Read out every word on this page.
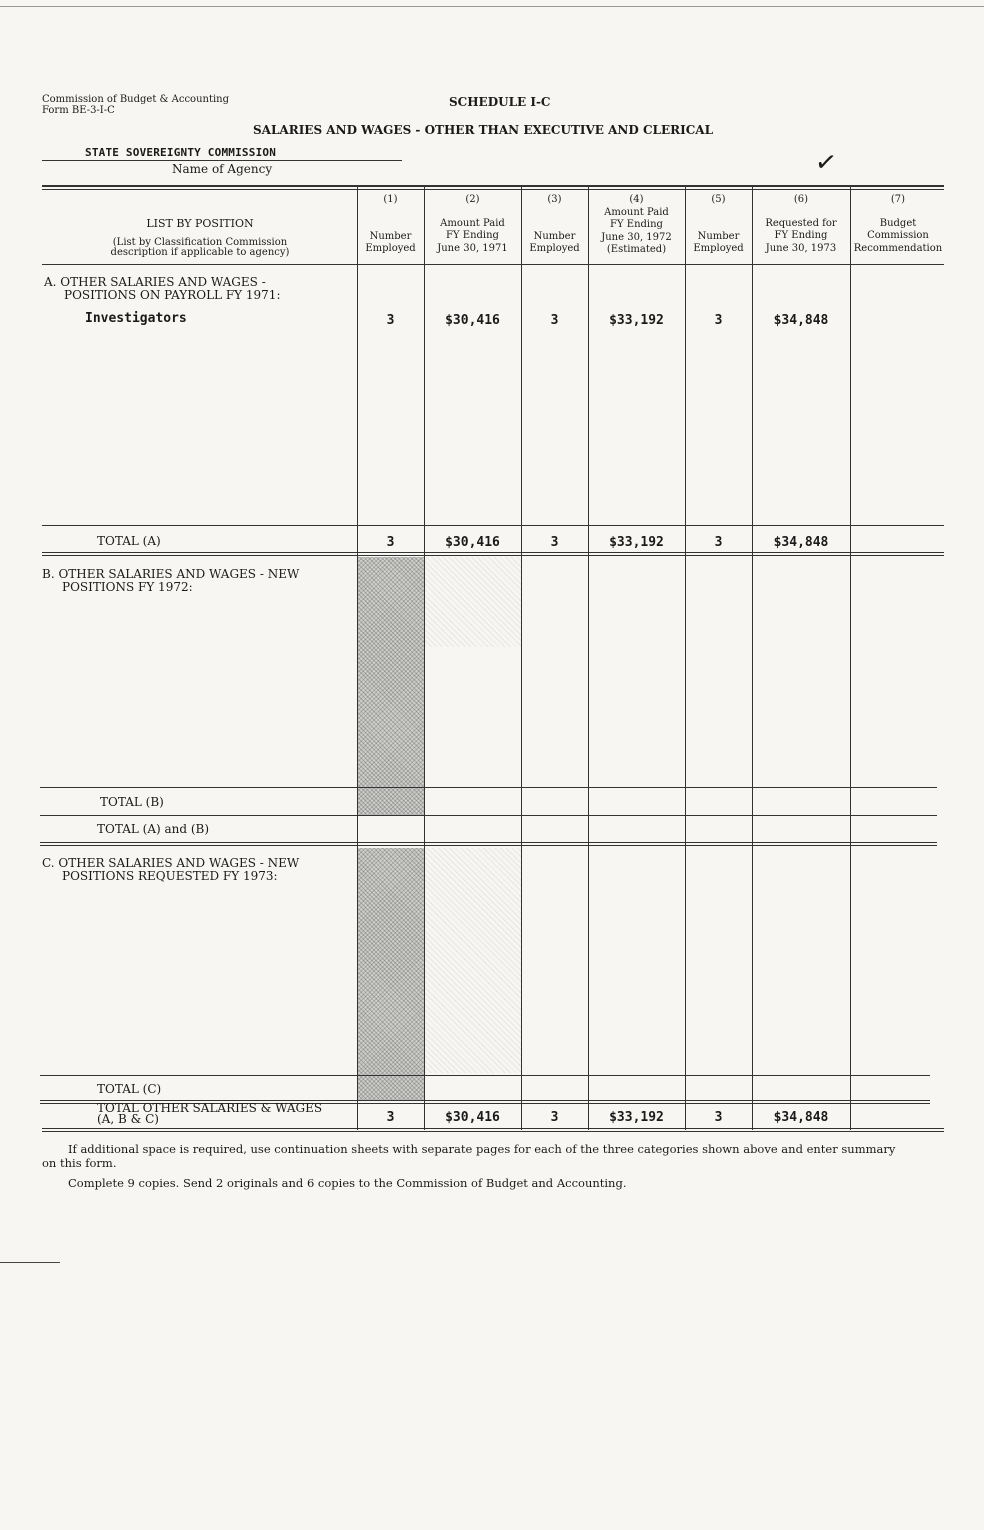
Commission of Budget & Accounting
Form BE-3-I-C
SCHEDULE I-C
SALARIES AND WAGES - OTHER THAN EXECUTIVE AND CLERICAL
STATE SOVEREIGNTY COMMISSION
Name of Agency	✓
LIST BY POSITION
(List by Classification Commission
description if applicable to agency)
(1)
Number
Employed
(2)
Amount Paid
FY Ending
June 30, 1971
(3)
Number
Employed
(4)
Amount Paid
FY Ending
June 30, 1972
(Estimated)
(5)
Number
Employed
(6)
Requested for
FY Ending
June 30, 1973
(7)
Budget
Commission
Recommendation
A. OTHER SALARIES AND WAGES -
POSITIONS ON PAYROLL FY 1971:
Investigators	3	$30,416	3	$33,192	3	$34,848
TOTAL (A)	3	$30,416	3	$33,192	3	$34,848
B. OTHER SALARIES AND WAGES - NEW
POSITIONS FY 1972:
TOTAL (B)
TOTAL (A) and (B)
C. OTHER SALARIES AND WAGES - NEW
POSITIONS REQUESTED FY 1973:
TOTAL (C)
TOTAL OTHER SALARIES & WAGES
(A, B & C)	3	$30,416	3	$33,192	3	$34,848
If additional space is required, use continuation sheets with separate pages for each of the three categories shown above and enter summary
on this form.
Complete 9 copies. Send 2 originals and 6 copies to the Commission of Budget and Accounting.
